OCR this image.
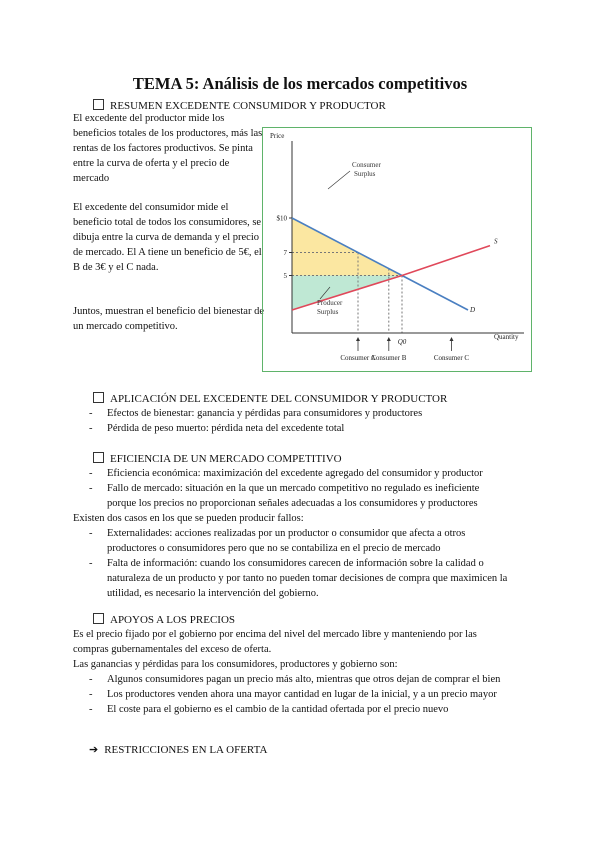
TEMA 5: Análisis de los mercados competitivos
RESUMEN EXCEDENTE CONSUMIDOR Y PRODUCTOR

El excedente del productor mide los beneficios totales de los productores, más las rentas de los factores productivos. Se pinta entre la curva de oferta y el precio de mercado

El excedente del consumidor mide el beneficio total de todos los consumidores, se dibuja entre la curva de demanda y el precio de mercado. El A tiene un beneficio de 5€, el B de 3€ y el C nada.

Juntos, muestran el beneficio del bienestar de un mercado competitivo.

Price
Quantity
$10
7
5
D
S
Consumer
Surplus
Producer
Surplus
Consumer A
Consumer B
Q0
Consumer C
APLICACIÓN DEL EXCEDENTE DEL CONSUMIDOR Y PRODUCTOR
- Efectos de bienestar: ganancia y pérdidas para consumidores y productores
- Pérdida de peso muerto: pérdida neta del excedente total
EFICIENCIA DE UN MERCADO COMPETITIVO
- Eficiencia económica: maximización del excedente agregado del consumidor y productor
- Fallo de mercado: situación en la que un mercado competitivo no regulado es ineficiente porque los precios no proporcionan señales adecuadas a los consumidores y productores

Existen dos casos en los que se pueden producir fallos:

- Externalidades: acciones realizadas por un productor o consumidor que afecta a otros productores o consumidores pero que no se contabiliza en el precio de mercado
- Falta de información: cuando los consumidores carecen de información sobre la calidad o naturaleza de un producto y por tanto no pueden tomar decisiones de compra que maximicen la utilidad, es necesario la intervención del gobierno.
APOYOS A LOS PRECIOS

Es el precio fijado por el gobierno por encima del nivel del mercado libre y manteniendo por las compras gubernamentales del exceso de oferta.

Las ganancias y pérdidas para los consumidores, productores y gobierno son:

- Algunos consumidores pagan un precio más alto, mientras que otros dejan de comprar el bien
- Los productores venden ahora una mayor cantidad en lugar de la inicial, y a un precio mayor
- El coste para el gobierno es el cambio de la cantidad ofertada por el precio nuevo
➔ RESTRICCIONES EN LA OFERTA
